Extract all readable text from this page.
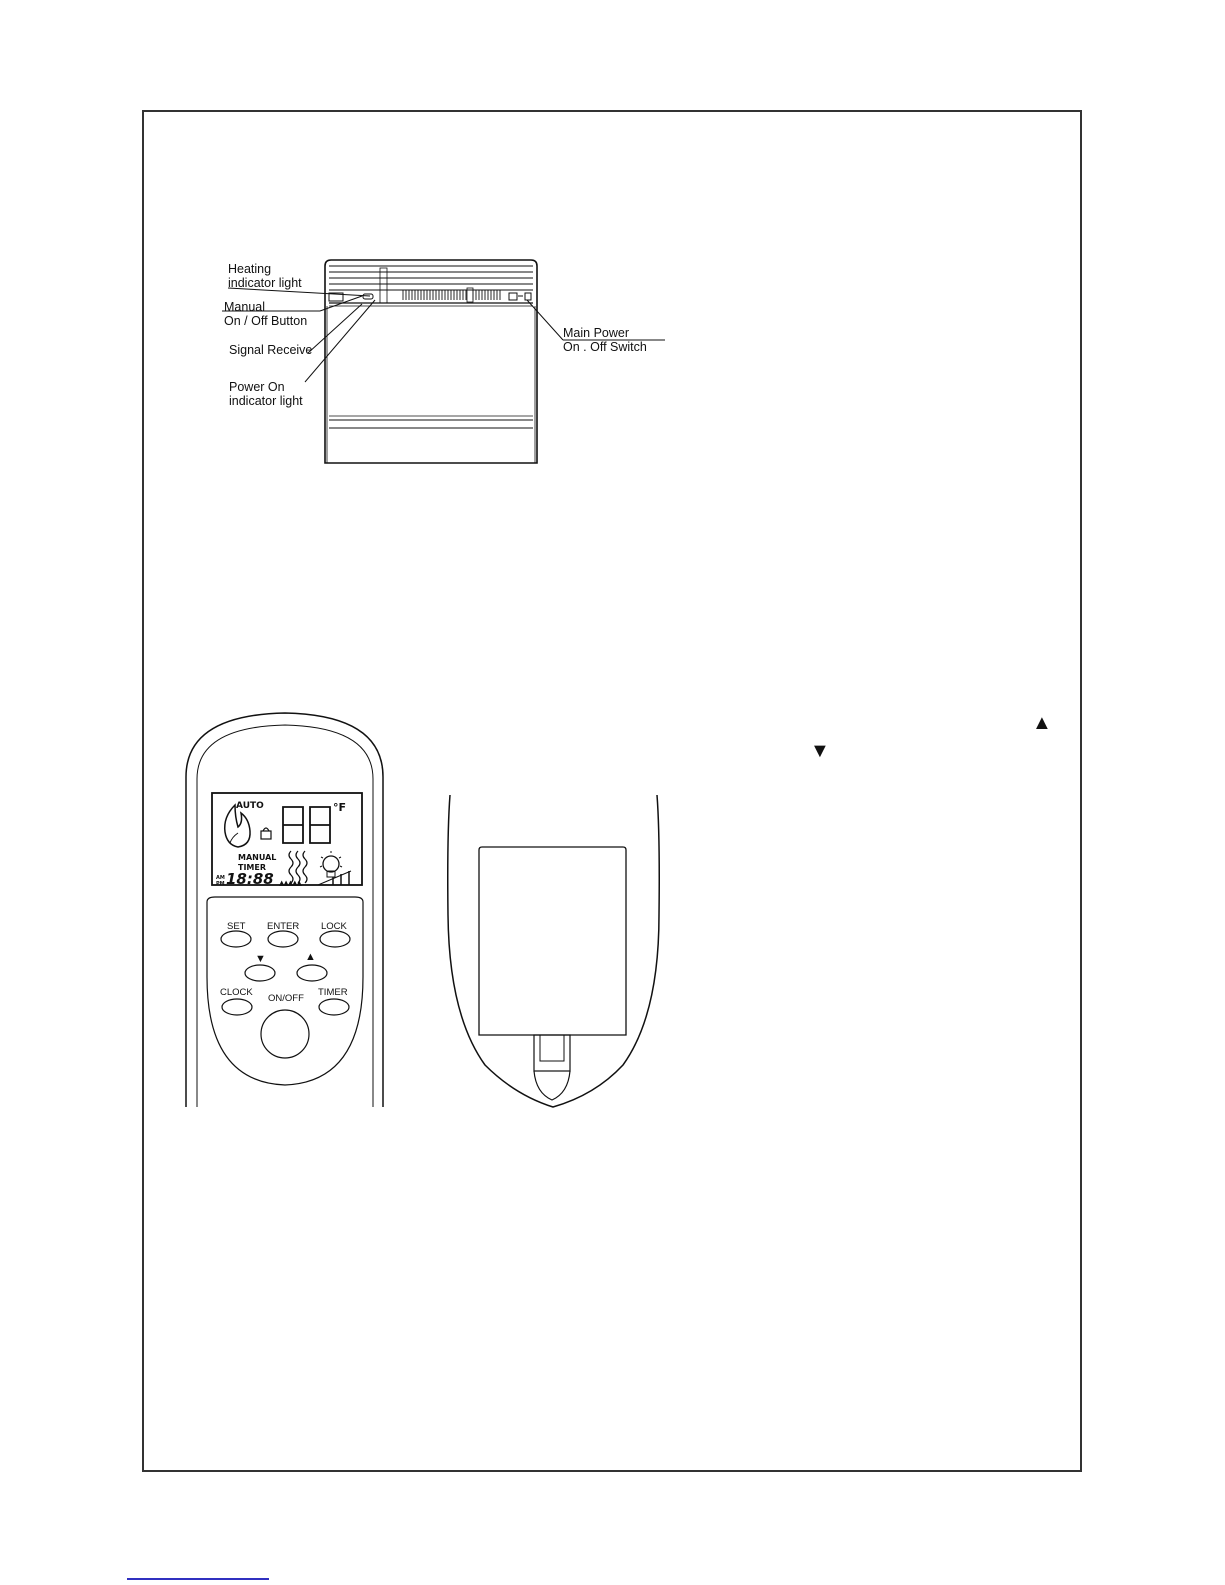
Heating
indicator light
Manual
On / Off Button
Signal Receive
Power On
indicator light
Main Power
On . Off Switch
▲
▼
AUTO	°F
MANUAL
TIMER
AM
PM 18:88 ▲▲▲▲▲
SET ENTER LOCK
▼	▲
CLOCK
ON/OFF
TIMER
